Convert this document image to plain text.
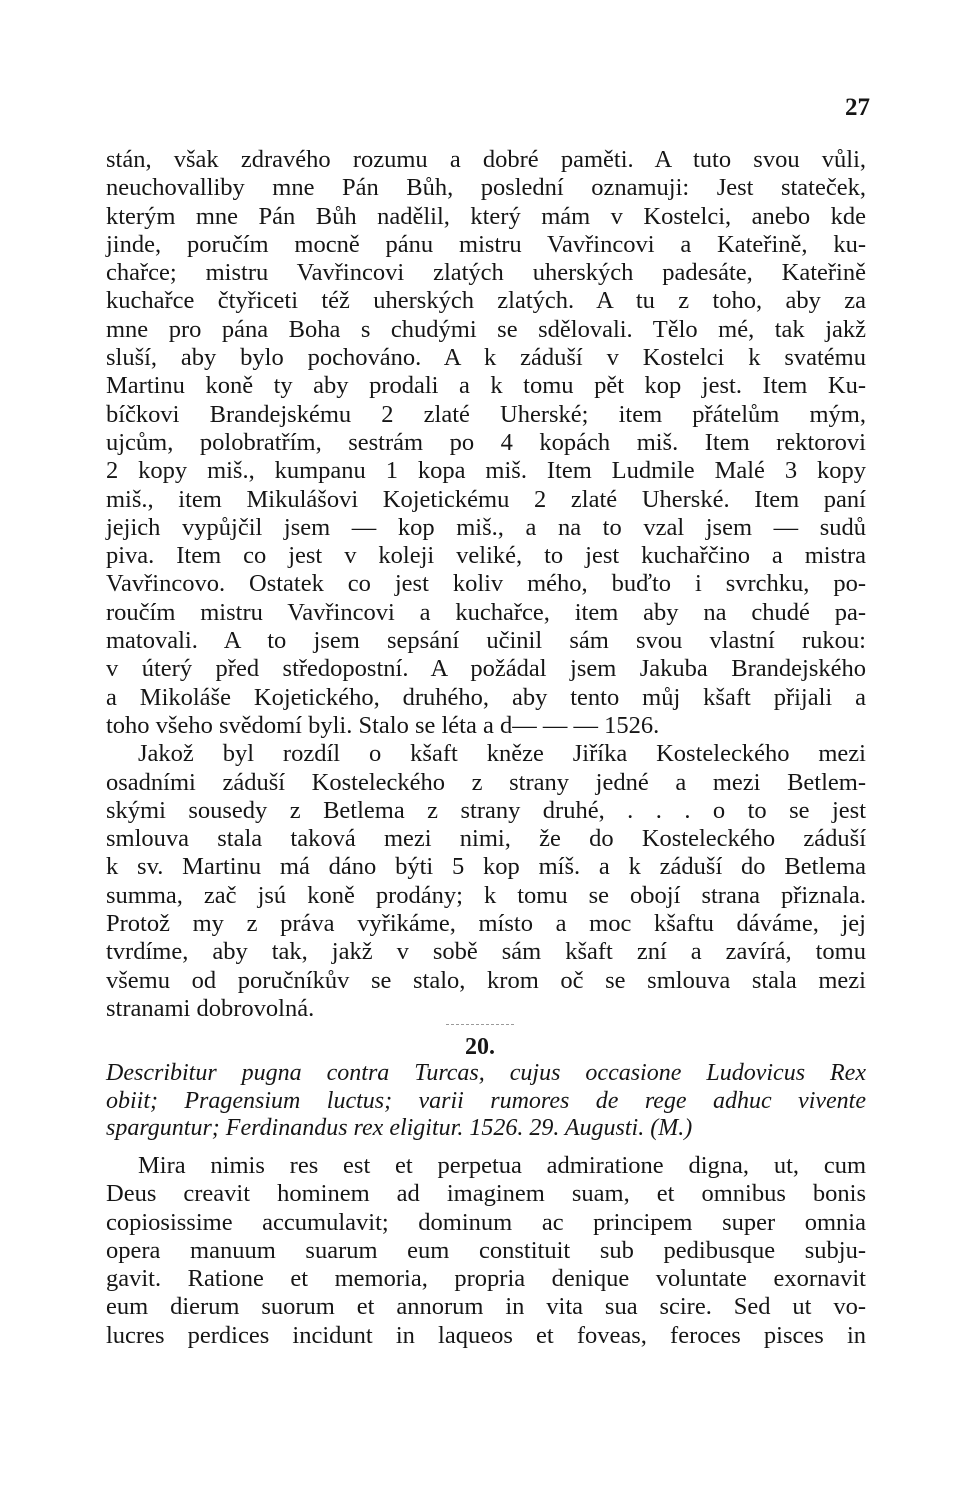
27
stán, však zdravého rozumu a dobré paměti. A tuto svou vůli,
neuchovalliby mne Pán Bůh, poslední oznamuji: Jest stateček,
kterým mne Pán Bůh nadělil, který mám v Kostelci, anebo kde
jinde, poručím mocně pánu mistru Vavřincovi a Kateřině, ku-
chařce; mistru Vavřincovi zlatých uherských padesáte, Kateřině
kuchařce čtyřiceti též uherských zlatých. A tu z toho, aby za
mne pro pána Boha s chudými se sdělovali. Tělo mé, tak jakž
sluší, aby bylo pochováno. A k záduší v Kostelci k svatému
Martinu koně ty aby prodali a k tomu pět kop jest. Item Ku-
bíčkovi Brandejskému 2 zlaté Uherské; item přátelům mým,
ujcům, polobratřím, sestrám po 4 kopách miš. Item rektorovi
2 kopy miš., kumpanu 1 kopa miš. Item Ludmile Malé 3 kopy
miš., item Mikulášovi Kojetickému 2 zlaté Uherské. Item paní
jejich vypůjčil jsem — kop miš., a na to vzal jsem — sudů
piva. Item co jest v koleji veliké, to jest kuchařčino a mistra
Vavřincovo. Ostatek co jest koliv mého, buďto i svrchku, po-
roučím mistru Vavřincovi a kuchařce, item aby na chudé pa-
matovali. A to jsem sepsání učinil sám svou vlastní rukou:
v úterý před středopostní. A požádal jsem Jakuba Brandejského
a Mikoláše Kojetického, druhého, aby tento můj kšaft přijali a
toho všeho svědomí byli. Stalo se léta a d— — — 1526.
Jakož byl rozdíl o kšaft kněze Jiříka Kosteleckého mezi
osadními záduší Kosteleckého z strany jedné a mezi Betlem-
skými sousedy z Betlema z strany druhé, . . . o to se jest
smlouva stala taková mezi nimi, že do Kosteleckého záduší
k sv. Martinu má dáno býti 5 kop míš. a k záduší do Betlema
summa, zač jsú koně prodány; k tomu se obojí strana přiznala.
Protož my z práva vyřikáme, místo a moc kšaftu dáváme, jej
tvrdíme, aby tak, jakž v sobě sám kšaft zní a zavírá, tomu
všemu od poručníkův se stalo, krom oč se smlouva stala mezi
stranami dobrovolná.
20.
Describitur pugna contra Turcas, cujus occasione Ludovicus Rex
obiit; Pragensium luctus; varii rumores de rege adhuc vivente
sparguntur; Ferdinandus rex eligitur. 1526. 29. Augusti. (M.)
Mira nimis res est et perpetua admiratione digna, ut, cum
Deus creavit hominem ad imaginem suam, et omnibus bonis
copiosissime accumulavit; dominum ac principem super omnia
opera manuum suarum eum constituit sub pedibusque subju-
gavit. Ratione et memoria, propria denique voluntate exornavit
eum dierum suorum et annorum in vita sua scire. Sed ut vo-
lucres perdices incidunt in laqueos et foveas, feroces pisces in
